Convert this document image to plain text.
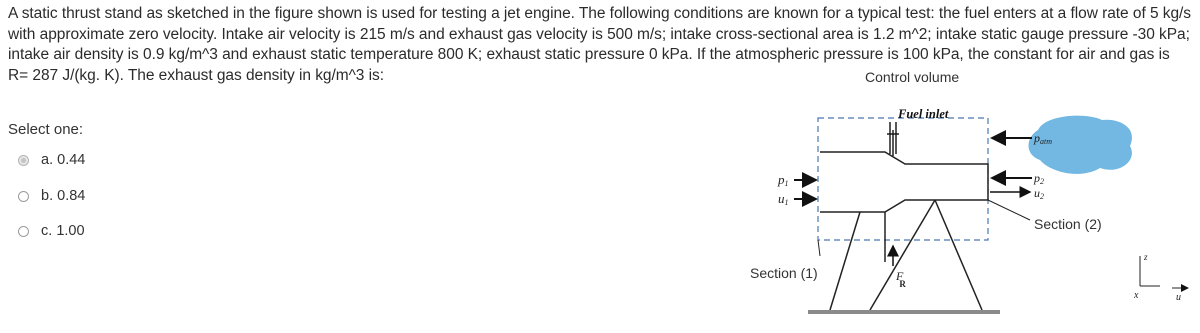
A static thrust stand as sketched in the figure shown is used for testing a jet engine. The following conditions are known for a typical test: the fuel enters at a flow rate of 5 kg/s with approximate zero velocity. Intake air velocity is 215 m/s and exhaust gas velocity is 500 m/s; intake cross-sectional area is 1.2 m^2; intake static gauge pressure -30 kPa; intake air density is 0.9 kg/m^3 and exhaust static temperature 800 K; exhaust static pressure 0 kPa. If the atmospheric pressure is 100 kPa, the constant for air and gas is R= 287 J/(kg. K). The exhaust gas density in kg/m^3 is:
Select one:
a.
0.44
b.
0.84
c.
1.00
Control volume
Fuel inlet
patm
p2
u2
Section (2)
p1
u1
Section (1)	F R
z
x	u
